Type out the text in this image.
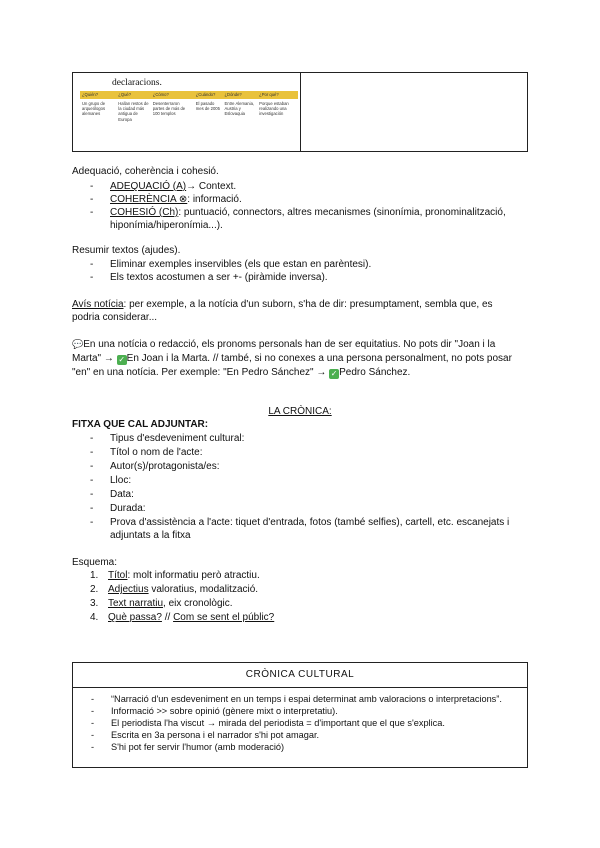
declaracions.
¿Quién?	¿Qué?	¿Cómo?	¿Cuándo?	¿Dónde?	¿Por qué?
Un grupo de arqueólogos alemanes	Hallan restos de la ciudad más antigua de Europa	Desenterraron partes de más de 100 templos	El pasado mes de 2005	Entre Alemania, Austria y Eslovaquia	Porque estaban realizando una investigación
Adequació, coherència i cohesió.
- ADEQUACIÓ (A)→ Context.
- COHERÈNCIA ⊗: informació.
- COHESIÓ (Ch): puntuació, connectors, altres mecanismes (sinonímia, pronominalització, hiponímia/hiperonímia...).
Resumir textos (ajudes).
- Eliminar exemples inservibles (els que estan en parèntesi).
- Els textos acostumen a ser +- (piràmide inversa).
Avís notícia: per exemple, a la notícia d'un suborn, s'ha de dir: presumptament, sembla que, es podria considerar...
💬En una notícia o redacció, els pronoms personals han de ser equitatius. No pots dir "Joan i la Marta" → ✓ En Joan i la Marta. // també, si no conexes a una persona personalment, no pots posar "en" en una notícia. Per exemple: "En Pedro Sánchez" → ✓ Pedro Sánchez.
LA CRÒNICA:
FITXA QUE CAL ADJUNTAR:
- Tipus d'esdeveniment cultural:
- Títol o nom de l'acte:
- Autor(s)/protagonista/es:
- Lloc:
- Data:
- Durada:
- Prova d'assistència a l'acte: tiquet d'entrada, fotos (també selfies), cartell, etc. escanejats i adjuntats a la fitxa
Esquema:
1. Títol: molt informatiu però atractiu.
2. Adjectius valoratius, modalització.
3. Text narratiu, eix cronològic.
4. Què passa? // Com se sent el públic?
CRÒNICA CULTURAL
- “Narració d'un esdeveniment en un temps i espai determinat amb valoracions o interpretacions”.
- Informació >> sobre opinió (gènere mixt o interpretatiu).
- El periodista l'ha viscut → mirada del periodista = d'important que el que s'explica.
- Escrita en 3a persona i el narrador s'hi pot amagar.
- S'hi pot fer servir l'humor (amb moderació)
